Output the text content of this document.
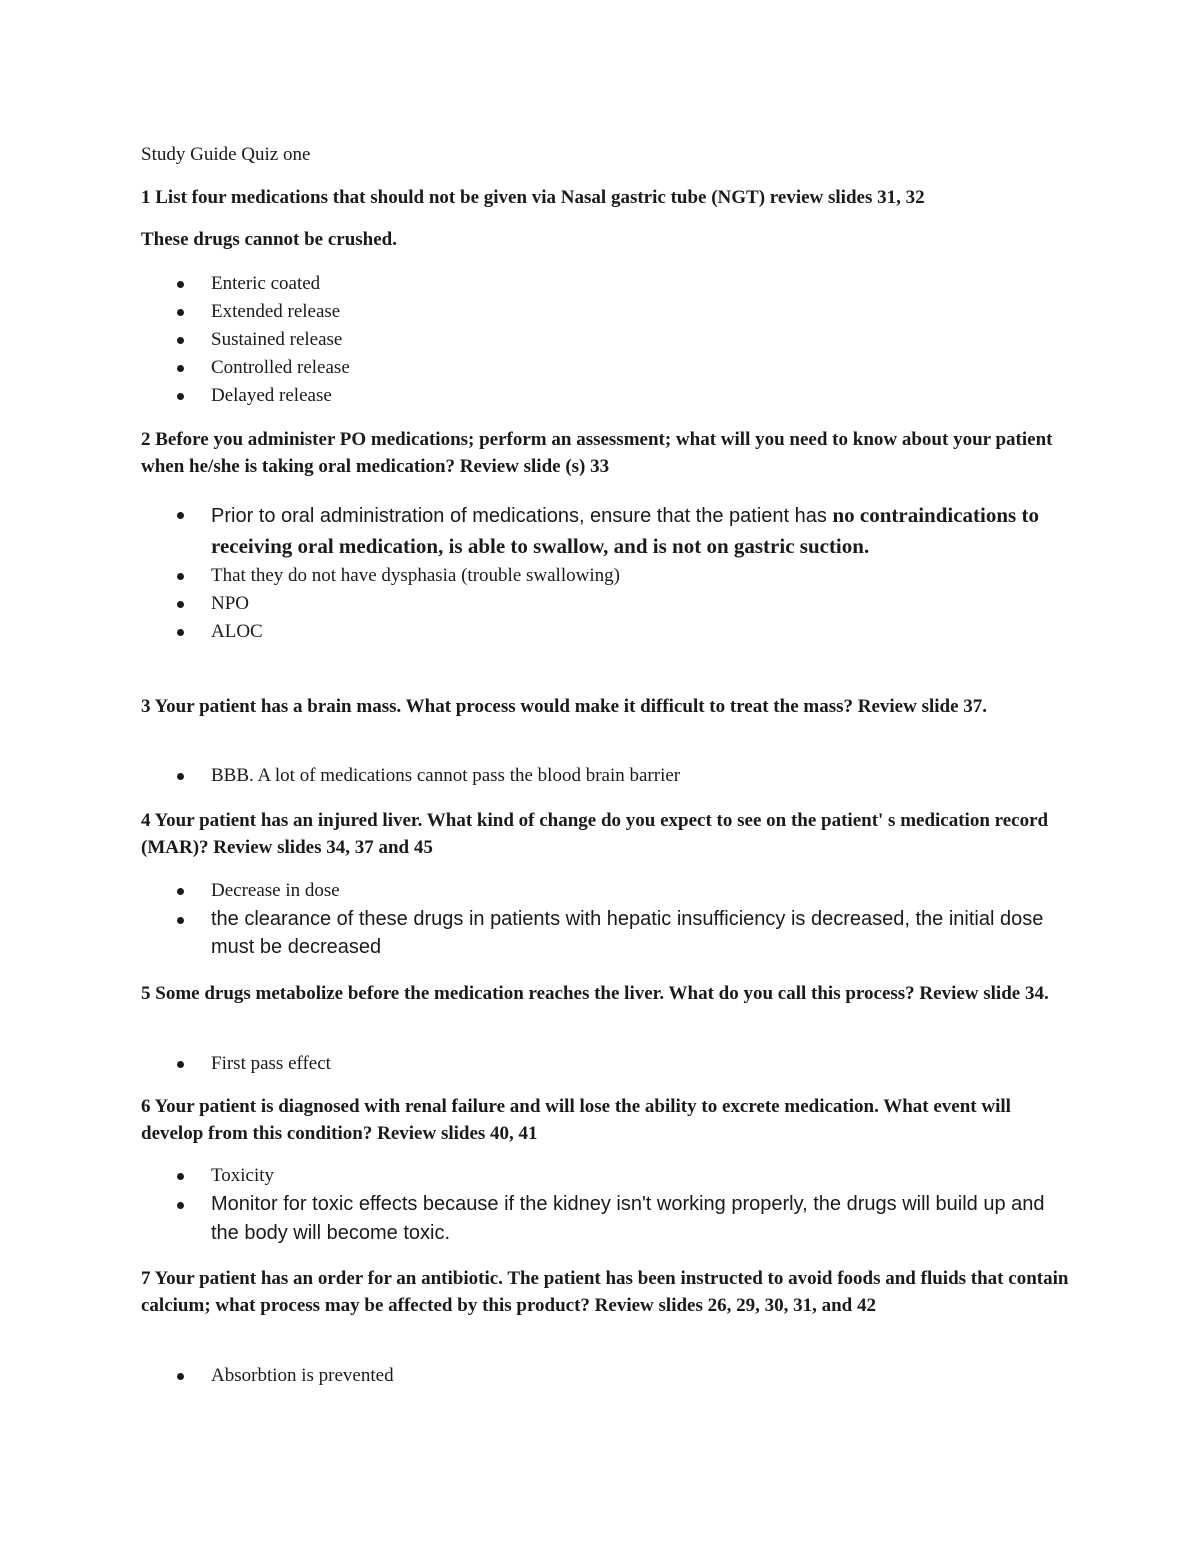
Study Guide Quiz one
1 List four medications that should not be given via Nasal gastric tube (NGT) review slides 31, 32
These drugs cannot be crushed.
Enteric coated
Extended release
Sustained release
Controlled release
Delayed release
2 Before you administer PO medications; perform an assessment; what will you need to know about your patient when he/she is taking oral medication? Review slide (s) 33
Prior to oral administration of medications, ensure that the patient has no contraindications to receiving oral medication, is able to swallow, and is not on gastric suction.
That they do not have dysphasia (trouble swallowing)
NPO
ALOC
3 Your patient has a brain mass. What process would make it difficult to treat the mass? Review slide 37.
BBB. A lot of medications cannot pass the blood brain barrier
4 Your patient has an injured liver. What kind of change do you expect to see on the patient' s medication record (MAR)? Review slides 34, 37 and 45
Decrease in dose
the clearance of these drugs in patients with hepatic insufficiency is decreased, the initial dose must be decreased
5 Some drugs metabolize before the medication reaches the liver. What do you call this process? Review slide 34.
First pass effect
6 Your patient is diagnosed with renal failure and will lose the ability to excrete medication. What event will develop from this condition? Review slides 40, 41
Toxicity
Monitor for toxic effects because if the kidney isn't working properly, the drugs will build up and the body will become toxic.
7 Your patient has an order for an antibiotic. The patient has been instructed to avoid foods and fluids that contain calcium; what process may be affected by this product? Review slides 26, 29, 30, 31, and 42
Absorbtion is prevented
